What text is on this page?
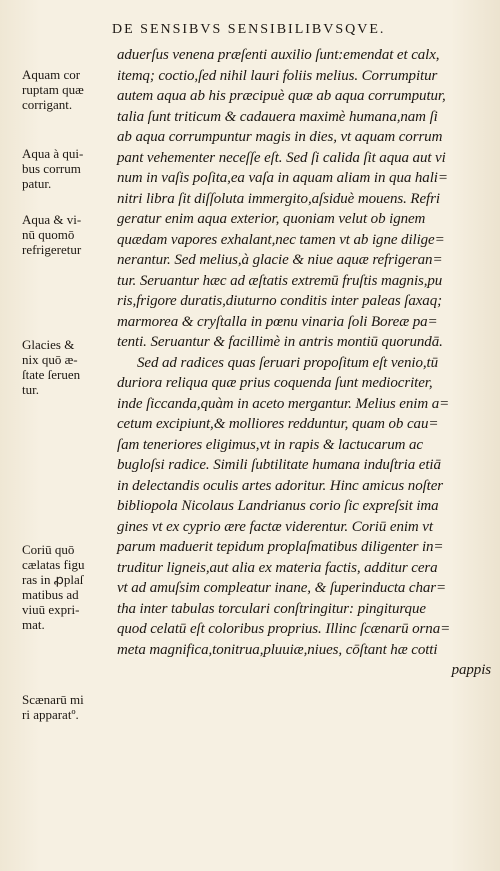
DE SENSIBVS SENSIBILIBVSQVE.
aduerſus venena præſenti auxilio ſunt:emendat et calx,
itemq; coctio,ſed nihil lauri foliis melius. Corrumpitur
autem aqua ab his præcipuè quæ ab aqua corrumputur,
talia ſunt triticum & cadauera maximè humana,nam ſi
ab aqua corrumpuntur magis in dies, vt aquam corrum
pant vehementer neceſſe eſt. Sed ſi calida ſit aqua aut vi
num in vaſis poſita,ea vaſa in aquam aliam in qua hali=
nitri libra ſit diſſoluta immergito,aſsiduè mouens. Refri
geratur enim aqua exterior, quoniam velut ob ignem
quædam vapores exhalant,nec tamen vt ab igne dilige=
nerantur. Sed melius,à glacie & niue aquæ refrigeran=
tur. Seruantur hæc ad æſtatis extremū fruſtis magnis,pu
ris,frigore duratis,diuturno conditis inter paleas ſaxaq;
marmorea & cryſtalla in pœnu vinaria ſoli Boreæ pa=
tenti. Seruantur & facillimè in antris montiū quorundā.
Sed ad radices quas ſeruari propoſitum eſt venio,tū
duriora reliqua quæ prius coquenda ſunt mediocriter,
inde ſiccanda,quàm in aceto mergantur. Melius enim a=
cetum excipiunt,& molliores redduntur, quam ob cau=
ſam teneriores eligimus,vt in rapis & lactucarum ac
bugloſsi radice. Simili ſubtilitate humana induſtria etiā
in delectandis oculis artes adoritur. Hinc amicus noſter
bibliopola Nicolaus Landrianus corio ſic expreſsit ima
gines vt ex cyprio ære factæ viderentur. Coriū enim vt
parum maduerit tepidum proplaſmatibus diligenter in=
truditur ligneis,aut alia ex materia factis, additur cera
vt ad amuſsim compleatur inane, & ſuperinducta char=
tha inter tabulas torculari conſtringitur: pingiturque
quod celatū eſt coloribus proprius. Illinc ſcænarū orna=
meta magnifica,tonitrua,pluuiæ,niues, cōſtant hæ cotti
pappis
Aquam cor
ruptam quæ
corrigant.
Aqua à qui-
bus corrum
patur.
Aqua & vi-
nū quomō
refrigeretur
Glacies &
nix quō æ-
ſtate ſeruen
tur.
Coriū quō
cælatas figu
ras in ꝓplaſ
matibus ad
viuū expri-
mat.
Scænarū mi
ri apparatº.
